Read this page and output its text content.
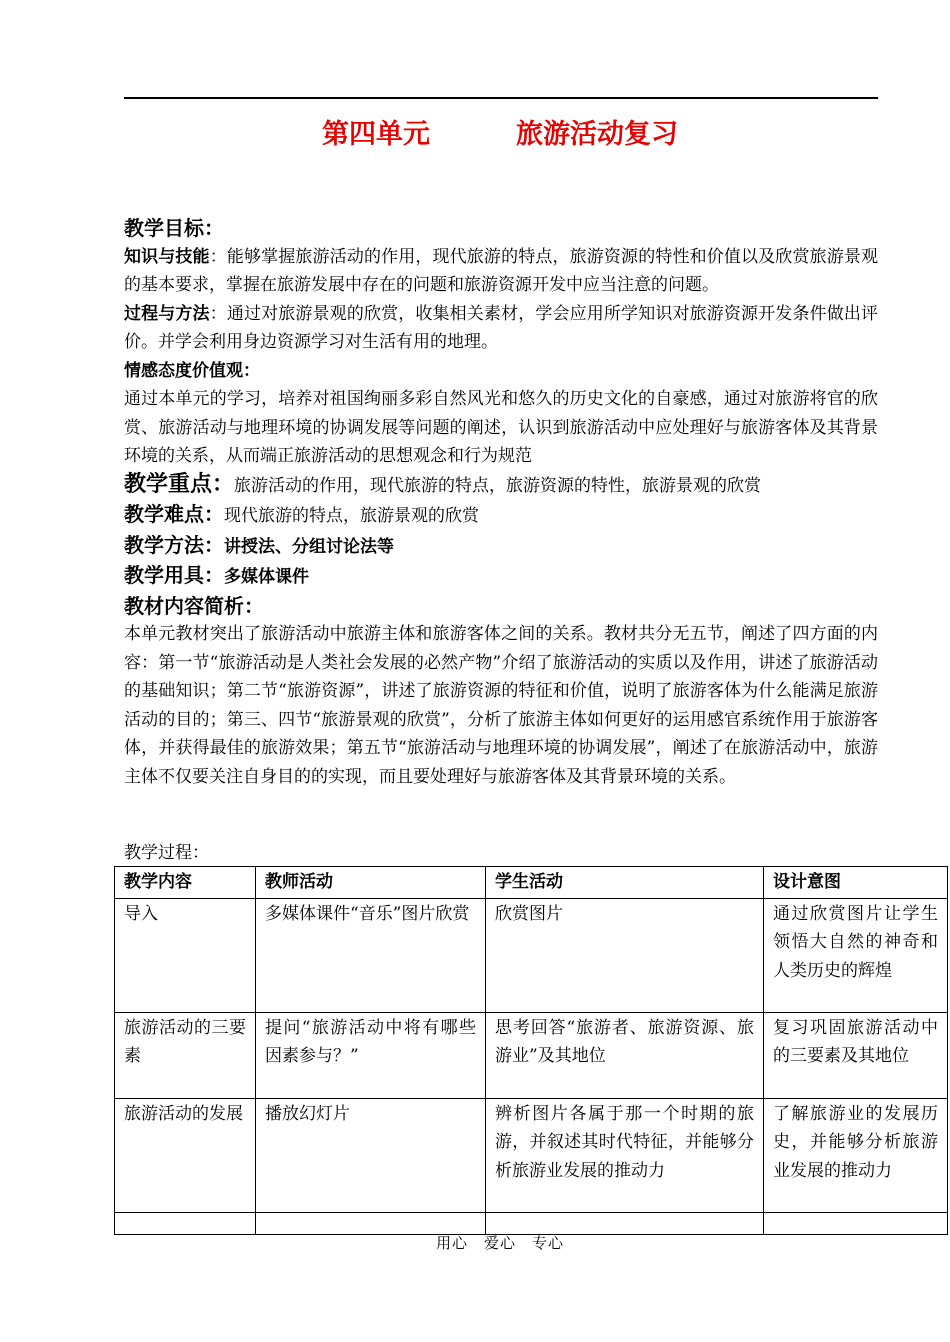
第四单元	旅游活动复习
教学目标：
知识与技能：能够掌握旅游活动的作用，现代旅游的特点，旅游资源的特性和价值以及欣赏旅游景观的基本要求，掌握在旅游发展中存在的问题和旅游资源开发中应当注意的问题。
过程与方法：通过对旅游景观的欣赏，收集相关素材，学会应用所学知识对旅游资源开发条件做出评价。并学会利用身边资源学习对生活有用的地理。
情感态度价值观：
通过本单元的学习，培养对祖国绚丽多彩自然风光和悠久的历史文化的自豪感，通过对旅游将官的欣赏、旅游活动与地理环境的协调发展等问题的阐述，认识到旅游活动中应处理好与旅游客体及其背景环境的关系，从而端正旅游活动的思想观念和行为规范
教学重点：旅游活动的作用，现代旅游的特点，旅游资源的特性，旅游景观的欣赏
教学难点：现代旅游的特点，旅游景观的欣赏
教学方法：讲授法、分组讨论法等
教学用具：多媒体课件
教材内容简析：
本单元教材突出了旅游活动中旅游主体和旅游客体之间的关系。教材共分无五节，阐述了四方面的内容：第一节“旅游活动是人类社会发展的必然产物”介绍了旅游活动的实质以及作用，讲述了旅游活动的基础知识；第二节“旅游资源”，讲述了旅游资源的特征和价值，说明了旅游客体为什么能满足旅游活动的目的；第三、四节“旅游景观的欣赏”，分析了旅游主体如何更好的运用感官系统作用于旅游客体，并获得最佳的旅游效果；第五节“旅游活动与地理环境的协调发展”，阐述了在旅游活动中，旅游主体不仅要关注自身目的的实现，而且要处理好与旅游客体及其背景环境的关系。
教学过程：
教学内容	教师活动	学生活动	设计意图
导入	多媒体课件“音乐”图片欣赏	欣赏图片	通过欣赏图片让学生领悟大自然的神奇和人类历史的辉煌
旅游活动的三要素	提问“旅游活动中将有哪些因素参与？”	思考回答“旅游者、旅游资源、旅游业”及其地位	复习巩固旅游活动中的三要素及其地位
旅游活动的发展	播放幻灯片	辨析图片各属于那一个时期的旅游，并叙述其时代特征，并能够分析旅游业发展的推动力	了解旅游业的发展历史，并能够分析旅游业发展的推动力

用心　爱心　专心
